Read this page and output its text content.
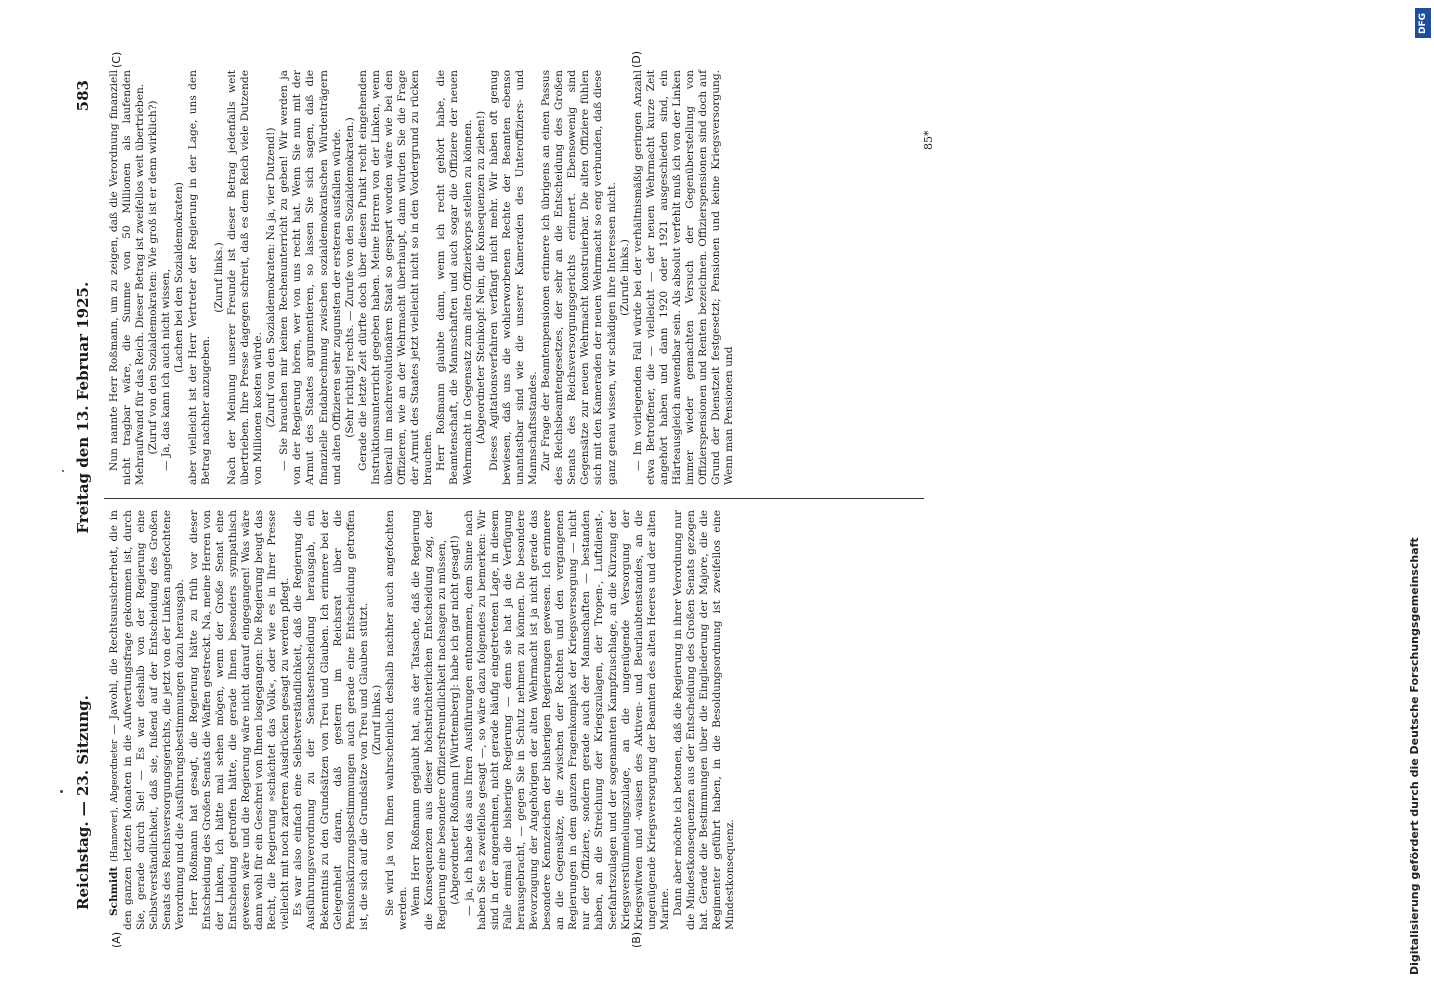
Reichstag. — 23. Sitzung.
Freitag den 13. Februar 1925.  583

Schmidt (Hannover), Abgeordneter — Jawohl, die Rechtsunsicherheit, die in den ganzen letzten Monaten in die Aufwertungsfrage gekommen ist, durch Sie, gerade durch Sie! — Es war deshalb von der Regierung eine Selbstverständlichkeit, daß sie, fußend auf der Entscheidung des Großen Senats des Reichsversorgungsgerichts, die jetzt von der Linken angefochtene Verordnung und die Ausführungsbestimmungen dazu herausgab. Herr Roßmann hat gesagt, die Regierung hätte zu früh vor dieser Entscheidung des Großen Senats die Waffen gestreckt. Na, meine Herren von der Linken, ich hätte mal sehen mögen, wenn der Große Senat eine Entscheidung getroffen hätte, die gerade Ihnen besonders sympathisch gewesen wäre und die Regierung wäre nicht darauf eingegangen! Was wäre dann wohl für ein Geschrei von Ihnen losgegangen: Die Regierung beugt das Recht, die Regierung »schächtet das Volk«, oder wie es in Ihrer Presse vielleicht mit noch zarteren Ausdrücken gesagt zu werden pflegt. Es war also einfach eine Selbstverständlichkeit, daß die Regierung die Ausführungsverordnung zu der Senatsentscheidung herausgab, ein Bekenntnis zu den Grundsätzen von Treu und Glauben. Ich erinnere bei der Gelegenheit daran, daß gestern im Reichsrat über die Pensionskürzungsbestimmungen auch gerade eine Entscheidung getroffen ist, die sich auf die Grundsätze von Treu und Glauben stützt. (Zuruf links.) Sie wird ja von Ihnen wahrscheinlich deshalb nachher auch angefochten werden. Wenn Herr Roßmann geglaubt hat, aus der Tatsache, daß die Regierung die Konsequenzen aus dieser höchstrichterlichen Entscheidung zog, der Regierung eine besondere Offiziersfreundlichkeit nachsagen zu müssen, (Abgeordneter Roßmann [Württemberg]: habe ich gar nicht gesagt!) — ja, ich habe das aus Ihren Ausführungen entnommen, dem Sinne nach haben Sie es zweifellos gesagt —, so wäre dazu folgendes zu bemerken: Wir sind in der angenehmen, nicht gerade häufig eingetretenen Lage, in diesem Falle einmal die bisherige Regierung — denn sie hat ja die Verfügung herausgebracht, — gegen Sie in Schutz nehmen zu können. Die besondere Bevorzugung der Angehörigen der alten Wehrmacht ist ja nicht gerade das besondere Kennzeichen der bisherigen Regierungen gewesen. Ich erinnere an die Gegensätze, die zwischen der Rechten und den vergangenen Regierungen in dem ganzen Fragenkomplex der Kriegsversorgung — nicht nur der Offiziere, sondern gerade auch der Mannschaften — bestanden haben, an die Streichung der Kriegszulagen, der Tropen-, Luftdienst-, Seefahrtszulagen und der sogenannten Kampfzuschlage, an die Kürzung der Kriegsverstümmelungszulage, an die ungenügende Versorgung der Kriegswitwen und -waisen des Aktiven- und Beurlaubtenstandes, an die ungenügende Kriegsversorgung der Beamten des alten Heeres und der alten Marine. Dann aber möchte ich betonen, daß die Regierung in ihrer Verordnung nur die Mindestkonsequenzen aus der Entscheidung des Großen Senats gezogen hat. Gerade die Bestimmungen über die Eingliederung der Majore, die die Regimenter geführt haben, in die Besoldungsordnung ist zweifellos eine Mindestkonsequenz.

Nun nannte Herr Roßmann, um zu zeigen, daß die Verordnung finanziell nicht tragbar wäre, die Summe von 50 Millionen als laufenden Mehraufwand für das Reich. Dieser Betrag ist zweifellos weit übertrieben. (Zuruf von den Sozialdemokraten: Wie groß ist er denn wirklich?) — Ja, das kann ich auch nicht wissen, (Lachen bei den Sozialdemokraten) aber vielleicht ist der Herr Vertreter der Regierung in der Lage, uns den Betrag nachher anzugeben.

(Zuruf links.) Nach der Meinung unserer Freunde ist dieser Betrag jedenfalls weit übertrieben. Ihre Presse dagegen schreit, daß es dem Reich viele Dutzende von Millionen kosten würde. (Zuruf von den Sozialdemokraten: Na ja, vier Dutzend!) — Sie brauchen mir keinen Rechenunterricht zu geben! Wir werden ja von der Regierung hören, wer von uns recht hat. Wenn Sie nun mit der Armut des Staates argumentieren, so lassen Sie sich sagen, daß die finanzielle Endabrechnung zwischen sozialdemokratischen Würdenträgern und alten Offizieren sehr zugunsten der ersteren ausfallen würde. (Sehr richtig! rechts. — Zurufe von den Sozialdemokraten.) Gerade die letzte Zeit dürfte doch über diesen Punkt recht eingehenden Instruktionsunterricht gegeben haben. Meine Herren von der Linken, wenn überall im nachrevolutionären Staat so gespart worden wäre wie bei den Offizieren, wie an der Wehrmacht überhaupt, dann würden Sie die Frage der Armut des Staates jetzt vielleicht nicht so in den Vordergrund zu rücken brauchen. Herr Roßmann glaubte dann, wenn ich recht gehört habe, die Beamtenschaft, die Mannschaften und auch sogar die Offiziere der neuen Wehrmacht in Gegensatz zum alten Offizierkorps stellen zu können. (Abgeordneter Steinkopf: Nein, die Konsequenzen zu ziehen!) Dieses Agitationsverfahren verfängt nicht mehr. Wir haben oft genug bewiesen, daß uns die wohlerworbenen Rechte der Beamten ebenso unantastbar sind wie die unserer Kameraden des Unteroffiziers- und Mannschaftsstandes. Zur Frage der Beamtenpensionen erinnere ich übrigens an einen Passus des Reichsbeamtengesetzes, der sehr an die Entscheidung des Großen Senats des Reichsversorgungsgerichts erinnert. Ebensowenig sind Gegensätze zur neuen Wehrmacht konstruierbar. Die alten Offiziere fühlen sich mit den Kameraden der neuen Wehrmacht so eng verbunden, daß diese ganz genau wissen, wir schädigen ihre Interessen nicht. (Zurufe links.) — Im vorliegenden Fall würde bei der verhältnismäßig geringen Anzahl etwa Betroffener, die — vielleicht — der neuen Wehrmacht kurze Zeit angehört haben und dann 1920 oder 1921 ausgeschieden sind, ein Härteausgleich anwendbar sein. Als absolut verfehlt muß ich von der Linken immer wieder gemachten Versuch der Gegenüberstellung von Offizierspensionen und Renten bezeichnen. Offizierspensionen sind doch auf Grund der Dienstzeit festgesetzt; Pensionen und keine Kriegsversorgung. Wenn man Pensionen und

(A)	(B)
(C)	(D)
85*
DFG
Digitalisierung gefördert durch die Deutsche Forschungsgemeinschaft
